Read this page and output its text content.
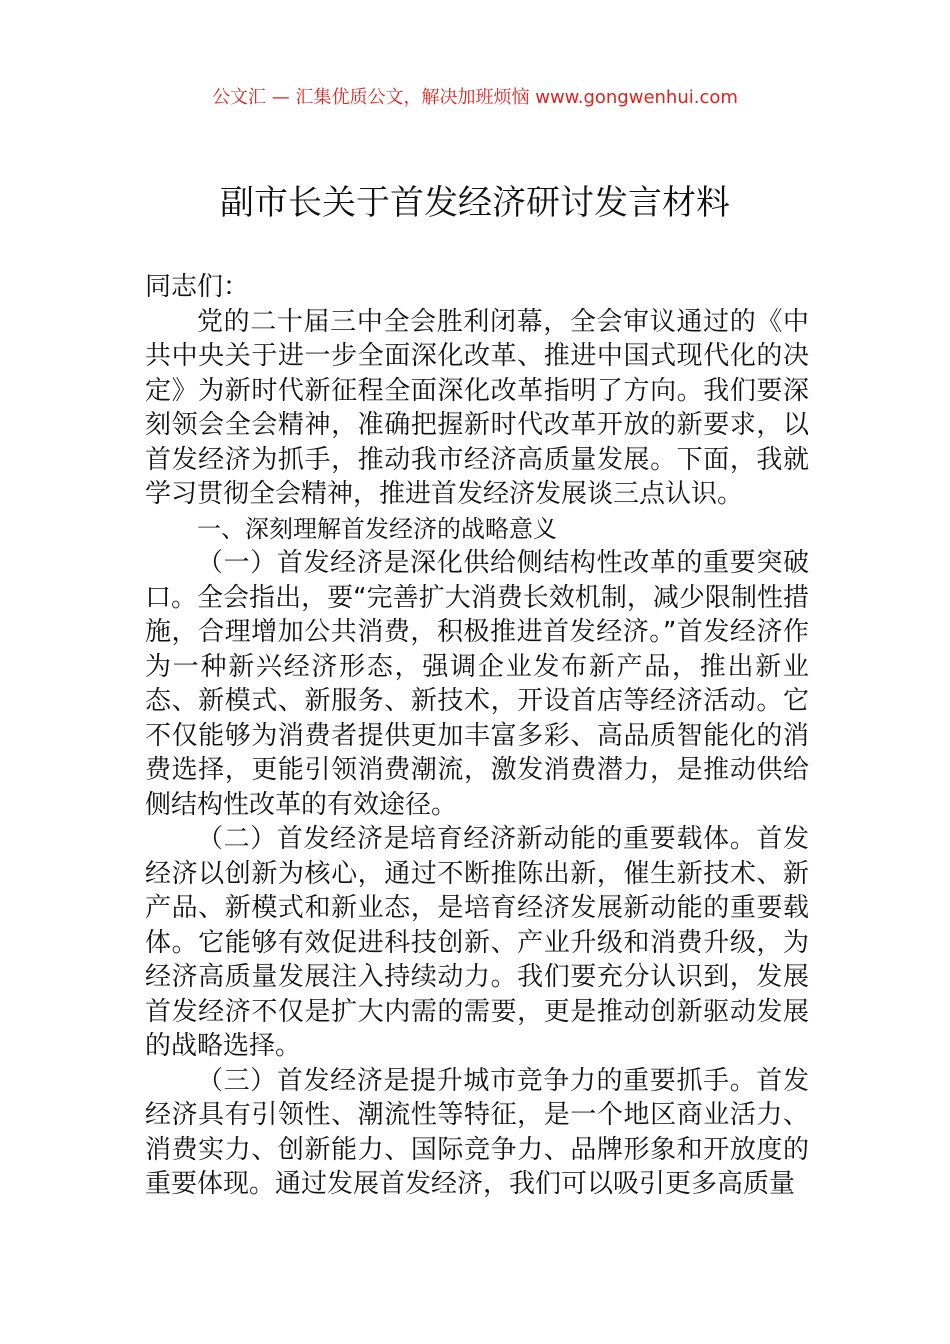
公文汇 — 汇集优质公文，解决加班烦恼 www.gongwenhui.com
副市长关于首发经济研讨发言材料

同志们：

党的二十届三中全会胜利闭幕，全会审议通过的《中共中央关于进一步全面深化改革、推进中国式现代化的决定》为新时代新征程全面深化改革指明了方向。我们要深刻领会全会精神，准确把握新时代改革开放的新要求，以首发经济为抓手，推动我市经济高质量发展。下面，我就学习贯彻全会精神，推进首发经济发展谈三点认识。

一、深刻理解首发经济的战略意义

（一）首发经济是深化供给侧结构性改革的重要突破口。全会指出，要“完善扩大消费长效机制，减少限制性措施，合理增加公共消费，积极推进首发经济。”首发经济作为一种新兴经济形态，强调企业发布新产品，推出新业态、新模式、新服务、新技术，开设首店等经济活动。它不仅能够为消费者提供更加丰富多彩、高品质智能化的消费选择，更能引领消费潮流，激发消费潜力，是推动供给侧结构性改革的有效途径。

（二）首发经济是培育经济新动能的重要载体。首发经济以创新为核心，通过不断推陈出新，催生新技术、新产品、新模式和新业态，是培育经济发展新动能的重要载体。它能够有效促进科技创新、产业升级和消费升级，为经济高质量发展注入持续动力。我们要充分认识到，发展首发经济不仅是扩大内需的需要，更是推动创新驱动发展的战略选择。

（三）首发经济是提升城市竞争力的重要抓手。首发经济具有引领性、潮流性等特征，是一个地区商业活力、消费实力、创新能力、国际竞争力、品牌形象和开放度的重要体现。通过发展首发经济，我们可以吸引更多高质量
